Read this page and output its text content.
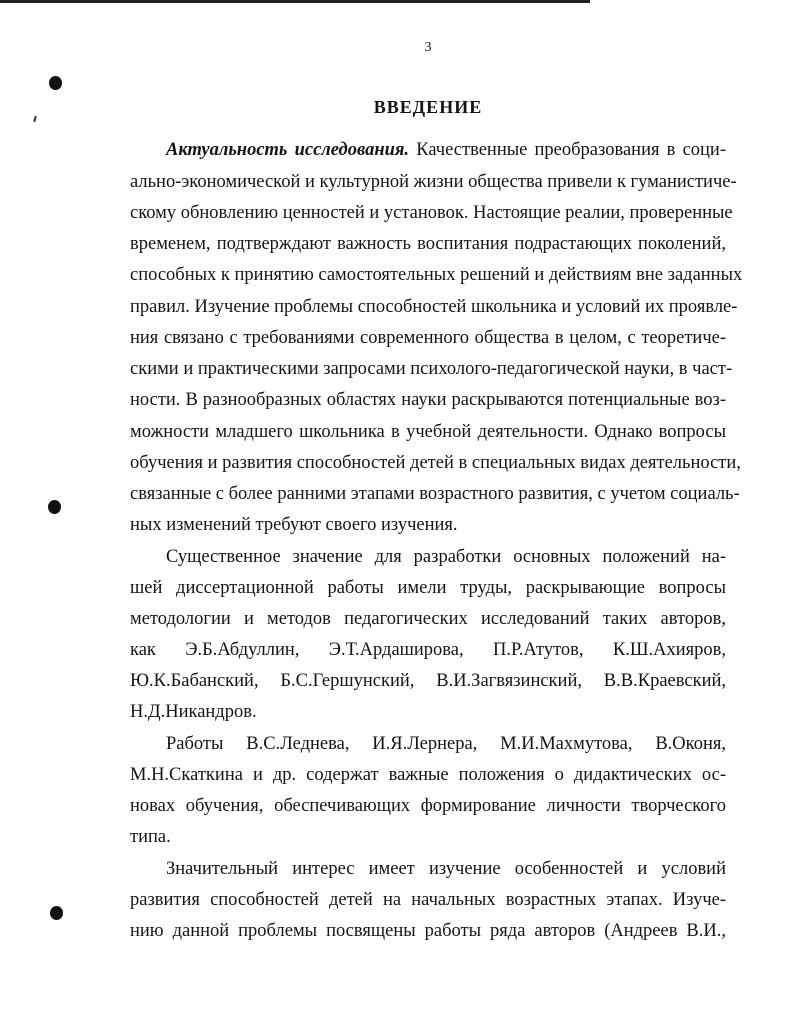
3
ВВЕДЕНИЕ
Актуальность исследования. Качественные преобразования в соци-
ально-экономической и культурной жизни общества привели к гуманистиче-
скому обновлению ценностей и установок. Настоящие реалии, проверенные
временем, подтверждают важность воспитания подрастающих поколений,
способных к принятию самостоятельных решений и действиям вне заданных
правил. Изучение проблемы способностей школьника и условий их проявле-
ния связано с требованиями современного общества в целом, с теоретиче-
скими и практическими запросами психолого-педагогической науки, в част-
ности. В разнообразных областях науки раскрываются потенциальные воз-
можности младшего школьника в учебной деятельности. Однако вопросы
обучения и развития способностей детей в специальных видах деятельности,
связанные с более ранними этапами возрастного развития, с учетом социаль-
ных изменений требуют своего изучения.
Существенное значение для разработки основных положений на-
шей диссертационной работы имели труды, раскрывающие вопросы
методологии и методов педагогических исследований таких авторов,
как Э.Б.Абдуллин, Э.Т.Ардаширова, П.Р.Атутов, К.Ш.Ахияров,
Ю.К.Бабанский, Б.С.Гершунский, В.И.Загвязинский, В.В.Краевский,
Н.Д.Никандров.
Работы В.С.Леднева, И.Я.Лернера, М.И.Махмутова, В.Оконя,
М.Н.Скаткина и др. содержат важные положения о дидактических ос-
новах обучения, обеспечивающих формирование личности творческого
типа.
Значительный интерес имеет изучение особенностей и условий
развития способностей детей на начальных возрастных этапах. Изуче-
нию данной проблемы посвящены работы ряда авторов (Андреев В.И.,
